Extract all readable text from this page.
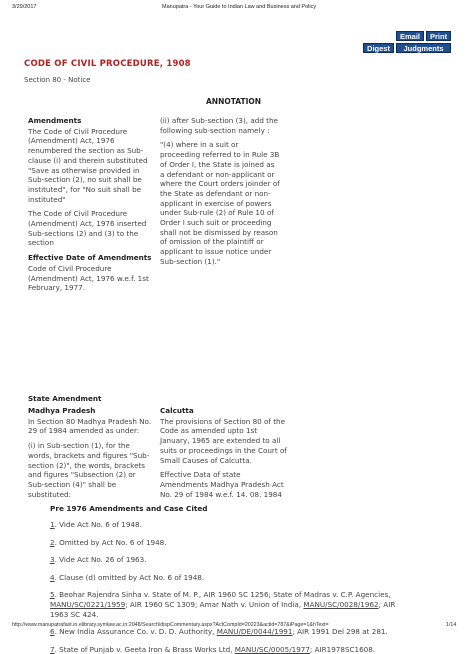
3/29/2017	Manupatra - Your Guide to Indian Law and Business and Policy
Email	Print
Digest	Judgments
CODE OF CIVIL PROCEDURE, 1908
Section 80 - Notice
ANNOTATION
Amendments

The Code of Civil Procedure (Amendment) Act, 1976 renumbered the section as Sub-clause (i) and therein substituted "Save as otherwise provided in Sub-section (2), no suit shall be instituted", for "No suit shall be instituted"

The Code of Civil Procedure (Amendment) Act, 1976 inserted Sub-sections (2) and (3) to the section

Effective Date of Amendments

Code of Civil Procedure (Amendment) Act, 1976 w.e.f. 1st February, 1977.

(ii) after Sub-section (3), add the following sub-section namely :

"(4) where in a suit or proceeding referred to in Rule 3B of Order I, the State is joined as a defendant or non-applicant or where the Court orders joinder of the State as defendant or non-applicant in exercise of powers under Sub-rule (2) of Rule 10 of Order I such suit or proceeding shall not be dismissed by reason of omission of the plaintiff or applicant to issue notice under Sub-section (1)."

State Amendment
Madhya Pradesh

In Section 80 Madhya Pradesh No. 29 of 1984 amended as under:

(i) in Sub-section (1), for the words, brackets and figures "Sub-section (2)", the words, brackets and figures "Subsection (2) or Sub-section (4)" shall be substituted:

Calcutta

The provisions of Section 80 of the Code as amended upto 1st January, 1965 are extended to all suits or proceedings in the Court of Small Causes of Calcutta.

Effective Data of state Amendments Madhya Pradesh Act No. 29 of 1984 w.e.f. 14. 08. 1984

Pre 1976 Amendments and Case Cited

1. Vide Act No. 6 of 1948.

2. Omitted by Act No. 6 of 1948.

3. Vide Act No. 26 of 1963.

4. Clause (d) omitted by Act No. 6 of 1948.

5. Beohar Rajendra Sinha v. State of M. P., AIR 1960 SC 1256; State of Madras v. C.P. Agencies, MANU/SC/0221/1959; AIR 1960 SC 1309; Amar Nath v. Union of India, MANU/SC/0028/1962; AIR 1963 SC 424.

6. New India Assurance Co. v. D. D. Authority, MANU/DE/0044/1991; AIR 1991 Del 298 at 281.

7. State of Punjab v. Geeta Iron & Brass Works Ltd, MANU/SC/0005/1977; AIR1978SC1608.

http://www.manupatrafast.in.elibrary.symlaw.ac.in:2048/Search/dispCommentary.aspx?ActCompId=20223&actid=787&iPage=1&hText=	1/14
